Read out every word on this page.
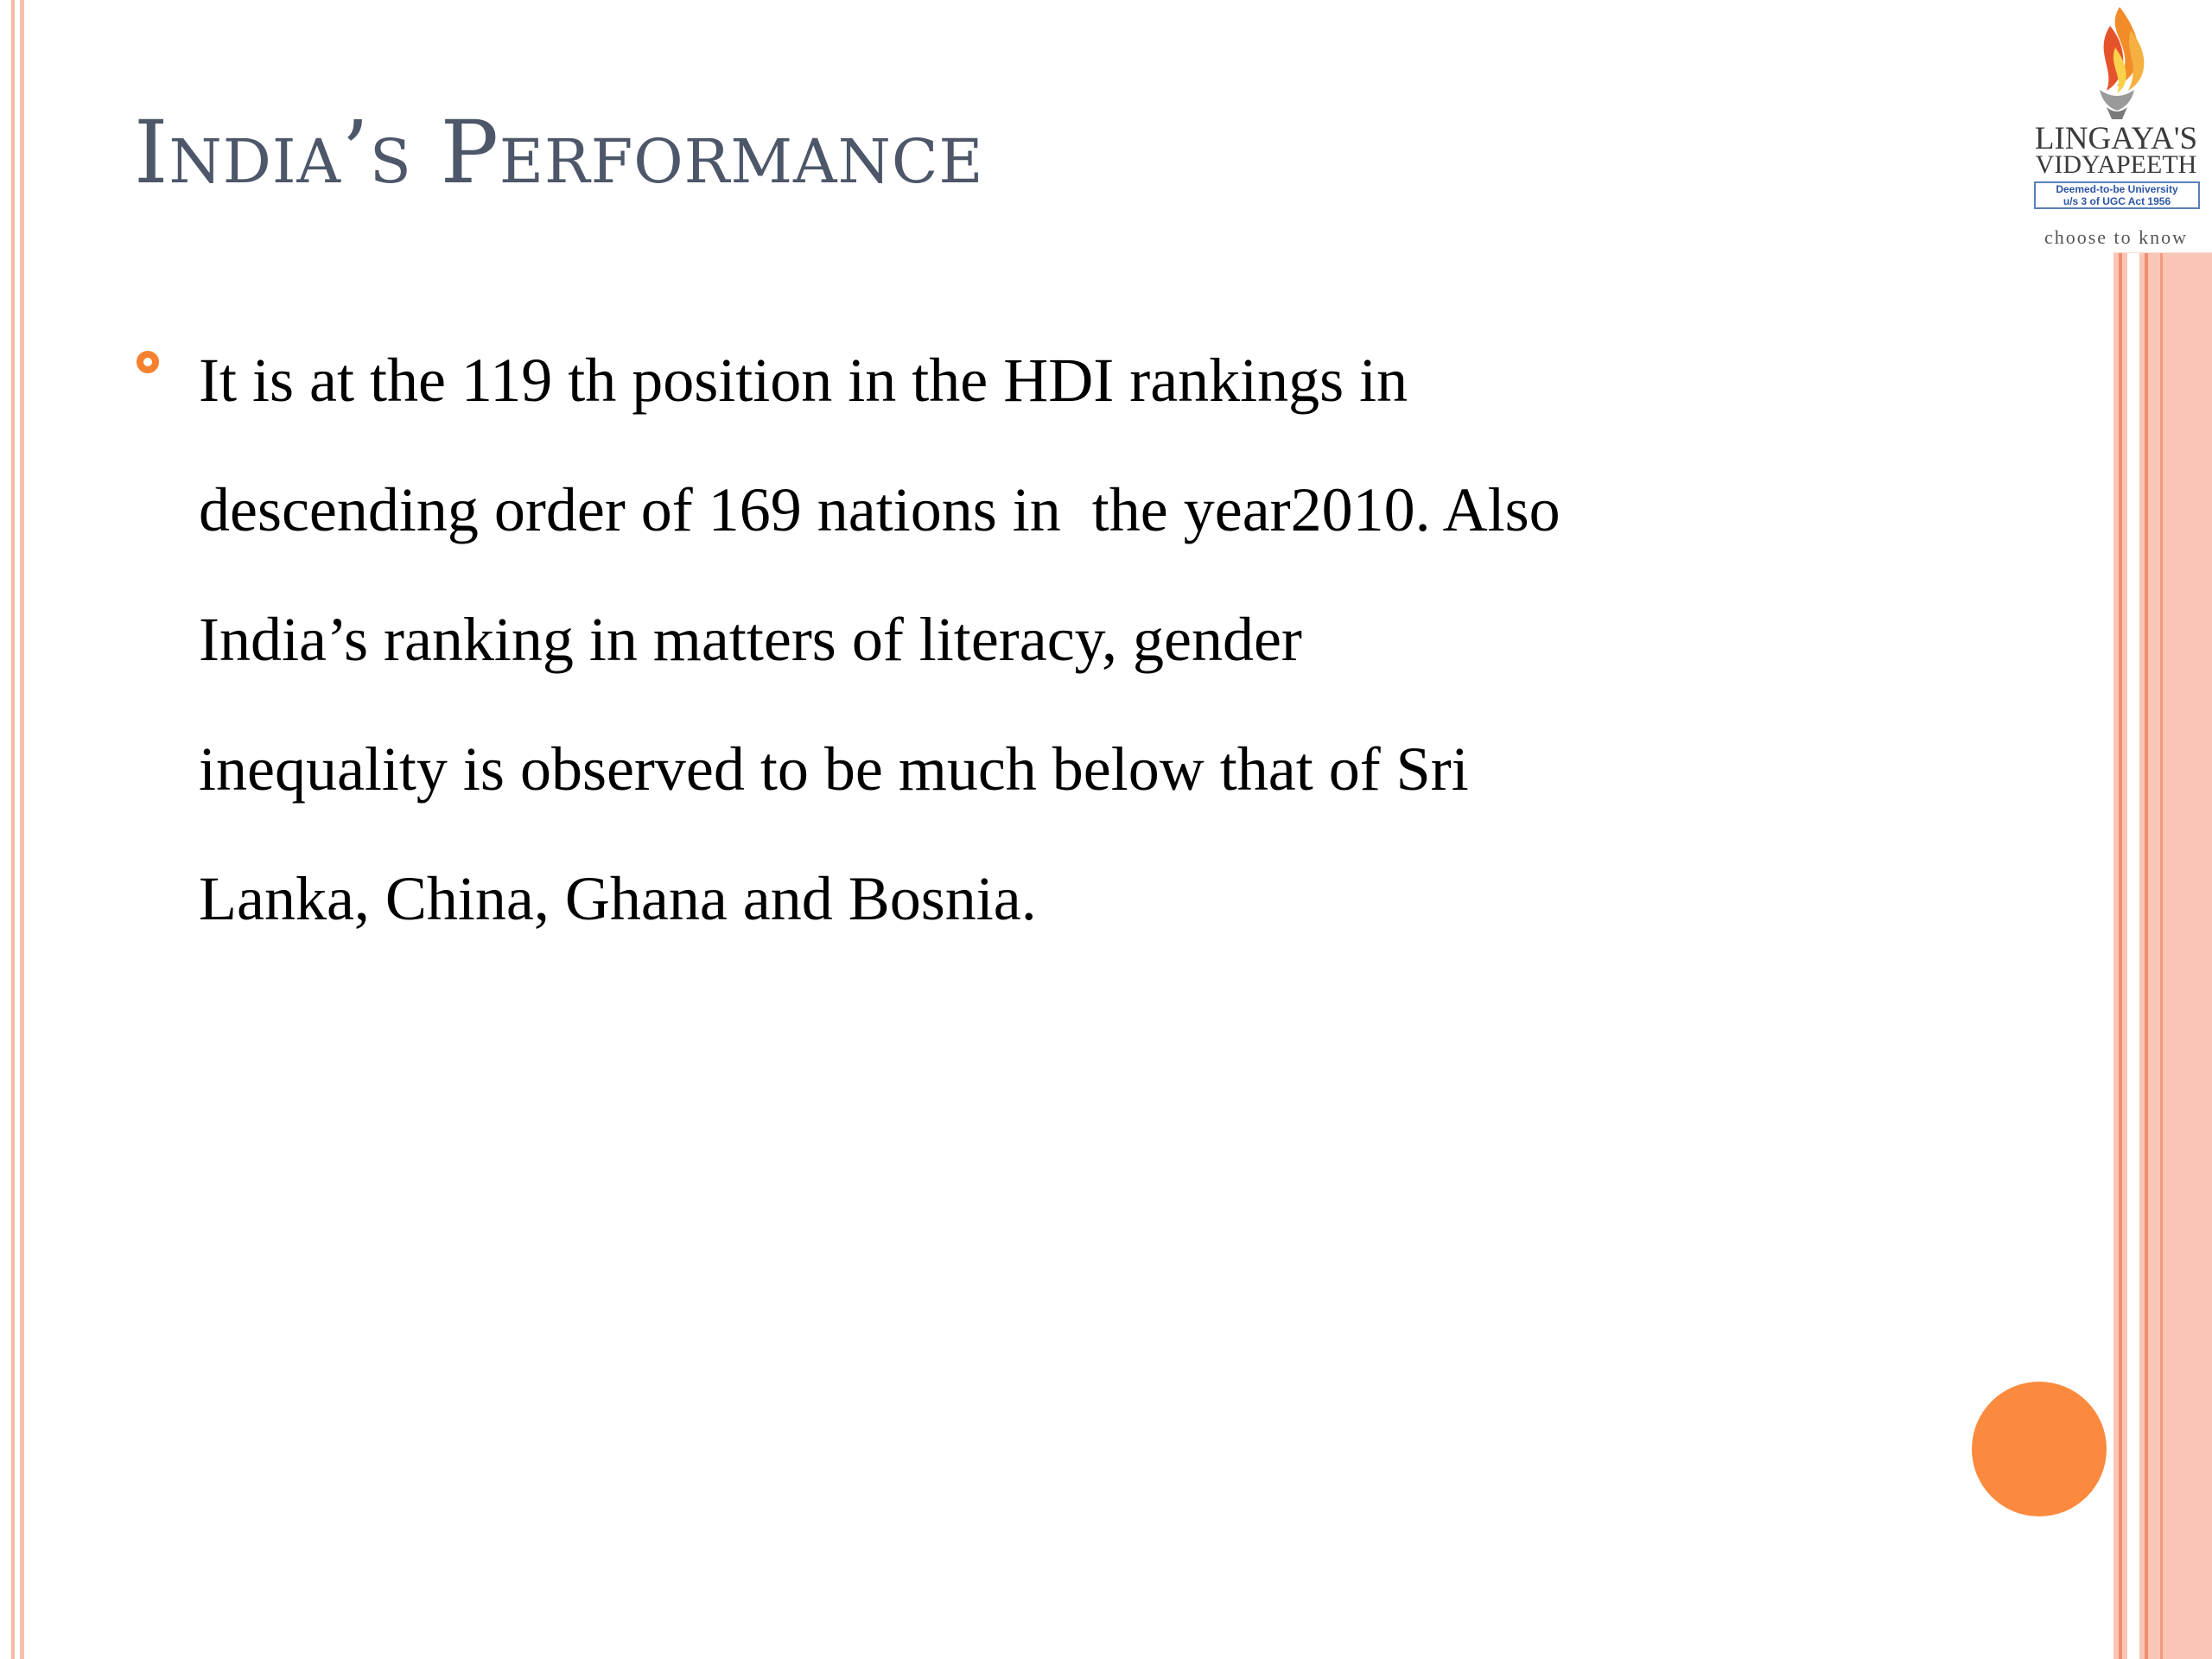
India’s Performance

It is at the 119 th position in the HDI rankings in
descending order of 169 nations in  the year2010. Also
India’s ranking in matters of literacy, gender
inequality is observed to be much below that of Sri
Lanka, China, Ghana and Bosnia.

LINGAYA'S
VIDYAPEETH
Deemed-to-be University
u/s 3 of UGC Act 1956
choose to know
